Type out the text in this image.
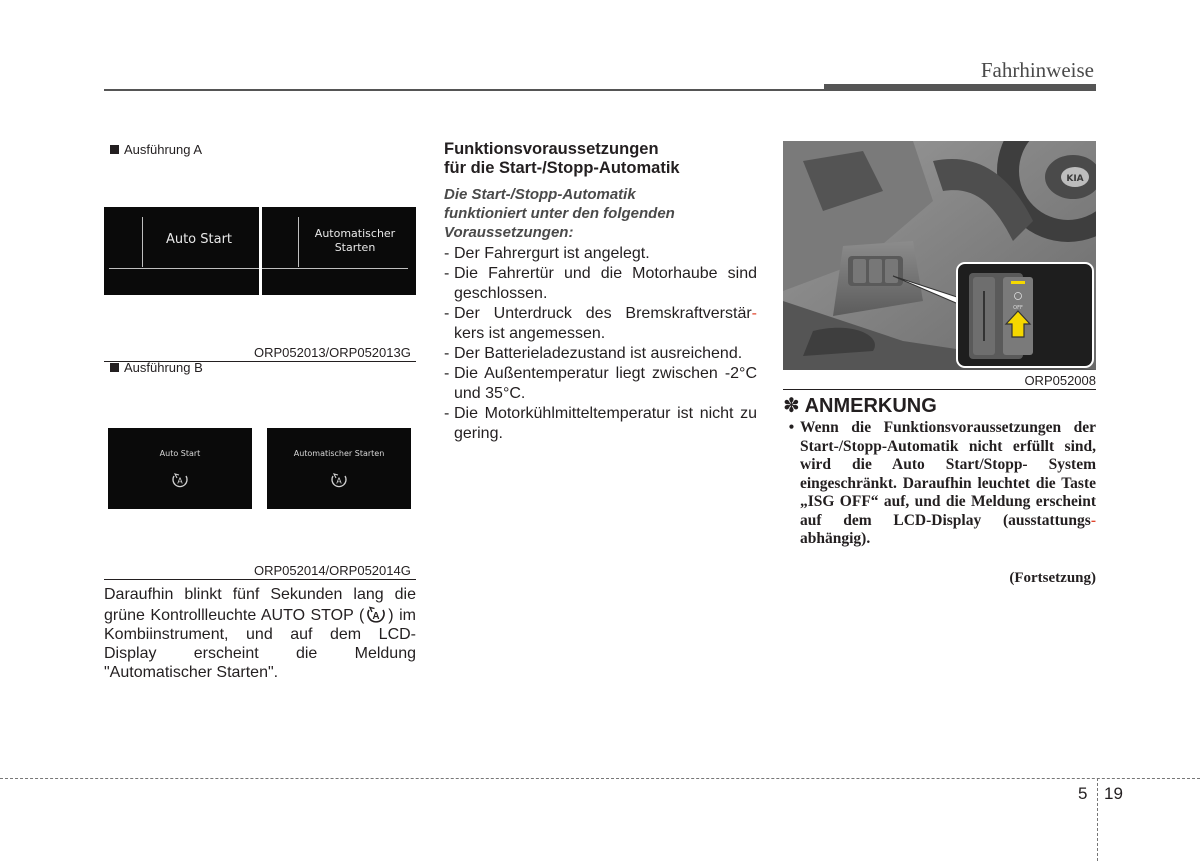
Fahrhinweise
Ausführung A
Auto Start	Automatischer
Starten
ORP052013/ORP052013G
Ausführung B
Auto Start
A
Automatischer Starten
A
ORP052014/ORP052014G
Daraufhin blinkt fünf Sekunden lang die grüne Kontrollleuchte AUTO STOP ( A ) im Kombiinstrument, und auf dem LCD-Display erscheint die Meldung "Automatischer Starten".
Funktionsvoraussetzungen
für die Start-/Stopp-Automatik
Die Start-/Stopp-Automatik
funktioniert unter den folgenden
Voraussetzungen:
- Der Fahrergurt ist angelegt.
- Die Fahrertür und die Motorhaube sind geschlossen.
- Der Unterdruck des Bremskraftverstär- kers ist angemessen.
- Der Batterieladezustand ist ausreichend.
- Die Außentemperatur liegt zwischen -2°C und 35°C.
- Die Motorkühlmitteltemperatur ist nicht zu gering.
KIA
OFF
ORP052008
✽ ANMERKUNG
• Wenn die Funktionsvoraussetzungen der Start-/Stopp-Automatik nicht erfüllt sind, wird die Auto Start/Stopp- System eingeschränkt. Daraufhin leuchtet die Taste „ISG OFF“ auf, und die Meldung erscheint auf dem LCD-Display (ausstattungs- abhängig).
(Fortsetzung)
5 19
